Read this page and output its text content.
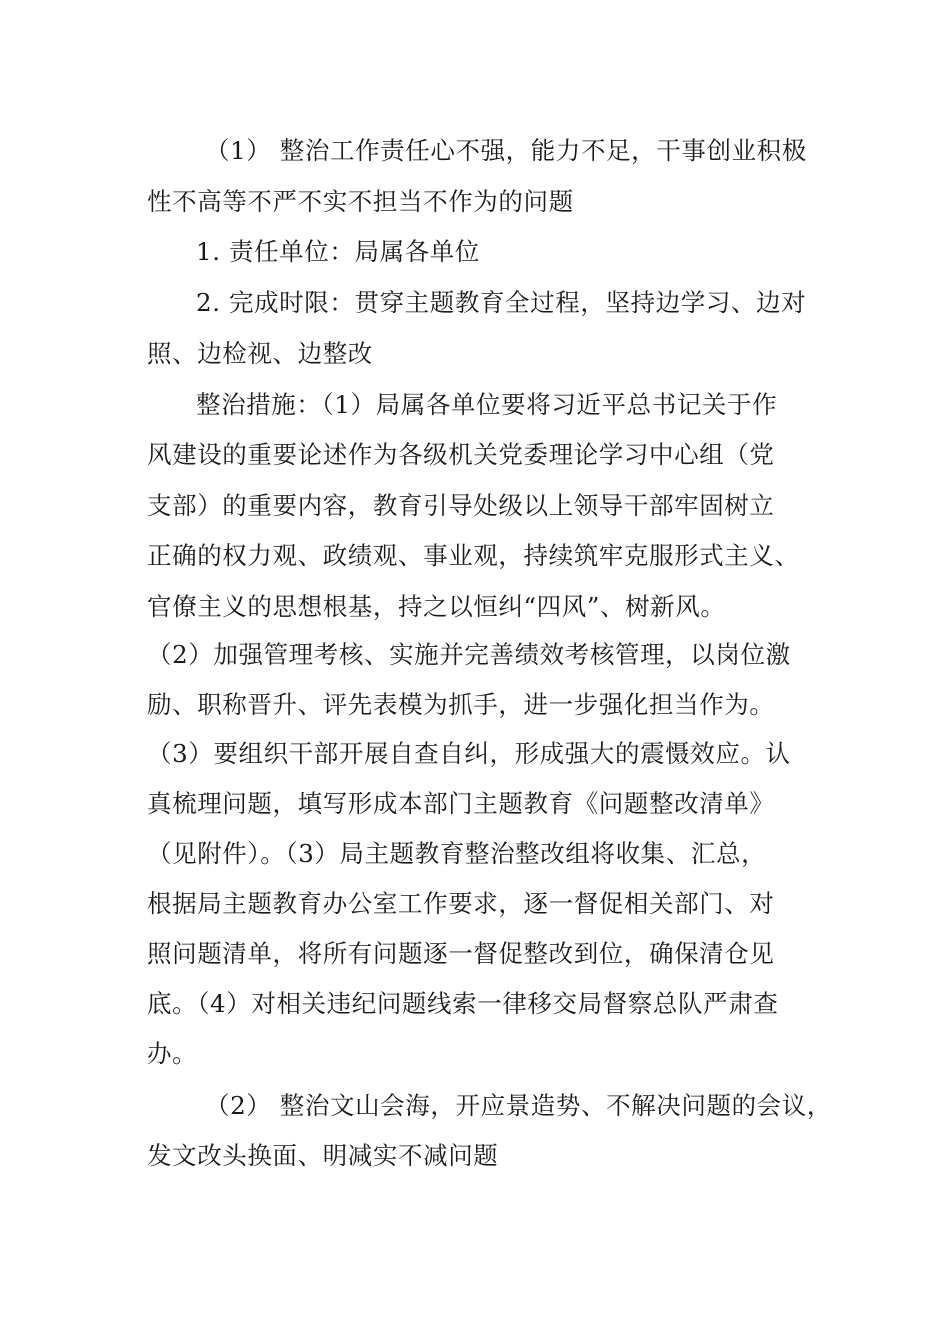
（1） 整治工作责任心不强，能力不足，干事创业积极

性不高等不严不实不担当不作为的问题

1. 责任单位：局属各单位

2. 完成时限：贯穿主题教育全过程，坚持边学习、边对

照、边检视、边整改

整治措施：（1）局属各单位要将习近平总书记关于作

风建设的重要论述作为各级机关党委理论学习中心组（党

支部）的重要内容，教育引导处级以上领导干部牢固树立

正确的权力观、政绩观、事业观，持续筑牢克服形式主义、

官僚主义的思想根基，持之以恒纠“四风”、树新风。

（2）加强管理考核、实施并完善绩效考核管理，以岗位激

励、职称晋升、评先表模为抓手，进一步强化担当作为。

（3）要组织干部开展自查自纠，形成强大的震慑效应。认

真梳理问题，填写形成本部门主题教育《问题整改清单》

（见附件）。（3）局主题教育整治整改组将收集、汇总，

根据局主题教育办公室工作要求，逐一督促相关部门、对

照问题清单，将所有问题逐一督促整改到位，确保清仓见

底。（4）对相关违纪问题线索一律移交局督察总队严肃查

办。

（2） 整治文山会海，开应景造势、不解决问题的会议，

发文改头换面、明减实不减问题
